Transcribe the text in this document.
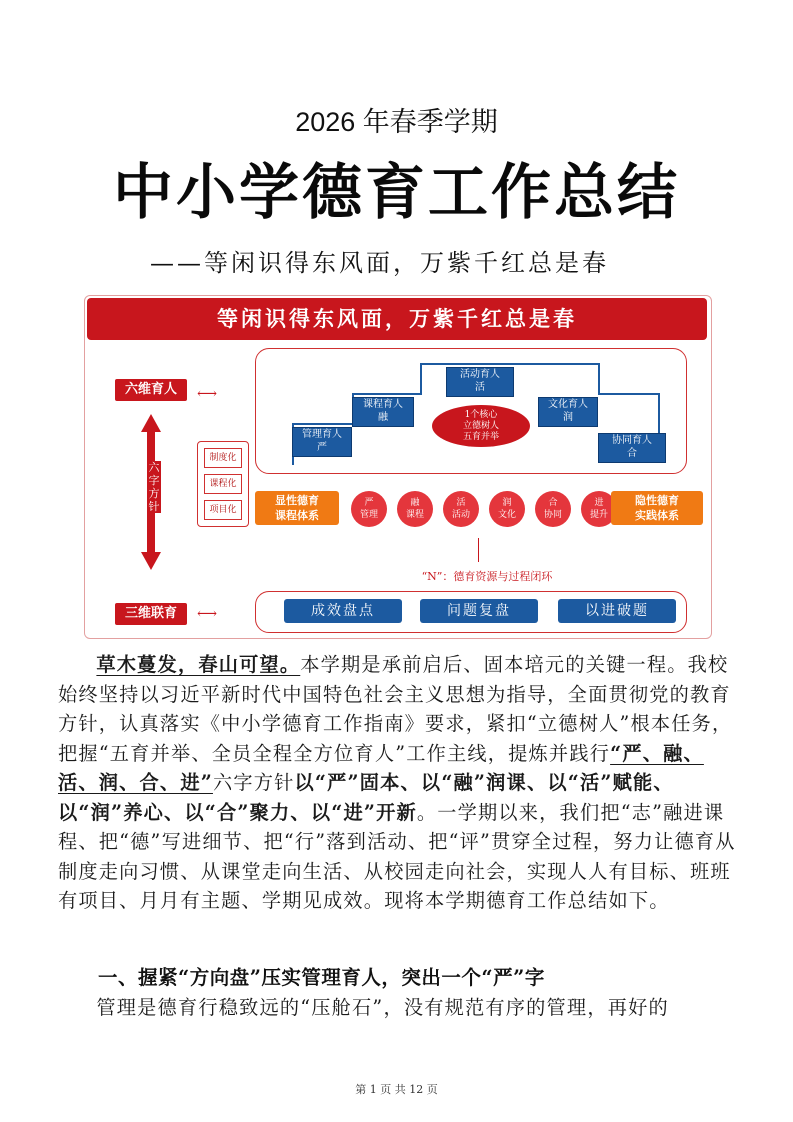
2026 年春季学期
中小学德育工作总结
——等闲识得东风面，万紫千红总是春
等闲识得东风面，万紫千红总是春
六维育人	⟷
三维联育	⟷
六字方针
制度化
课程化
项目化
管理育人
严
课程育人
融
活动育人
活
文化育人
润
协同育人
合
1个核心
立德树人
五育并举
显性德育
课程体系
严
管理
融
课程
活
活动
润
文化
合
协同
进
提升
隐性德育
实践体系
“N”：德育资源与过程闭环
成效盘点	问题复盘	以进破题

草木蔓发，春山可望。本学期是承前启后、固本培元的关键一程。我校始终坚持以习近平新时代中国特色社会主义思想为指导，全面贯彻党的教育方针，认真落实《中小学德育工作指南》要求，紧扣“立德树人”根本任务，把握“五育并举、全员全程全方位育人”工作主线，提炼并践行“严、融、活、润、合、进”六字方针以“严”固本、以“融”润课、以“活”赋能、以“润”养心、以“合”聚力、以“进”开新。一学期以来，我们把“志”融进课程、把“德”写进细节、把“行”落到活动、把“评”贯穿全过程，努力让德育从制度走向习惯、从课堂走向生活、从校园走向社会，实现人人有目标、班班有项目、月月有主题、学期见成效。现将本学期德育工作总结如下。

一、握紧“方向盘”压实管理育人，突出一个“严”字

管理是德育行稳致远的“压舱石”，没有规范有序的管理，再好的

第 1 页 共 12 页
